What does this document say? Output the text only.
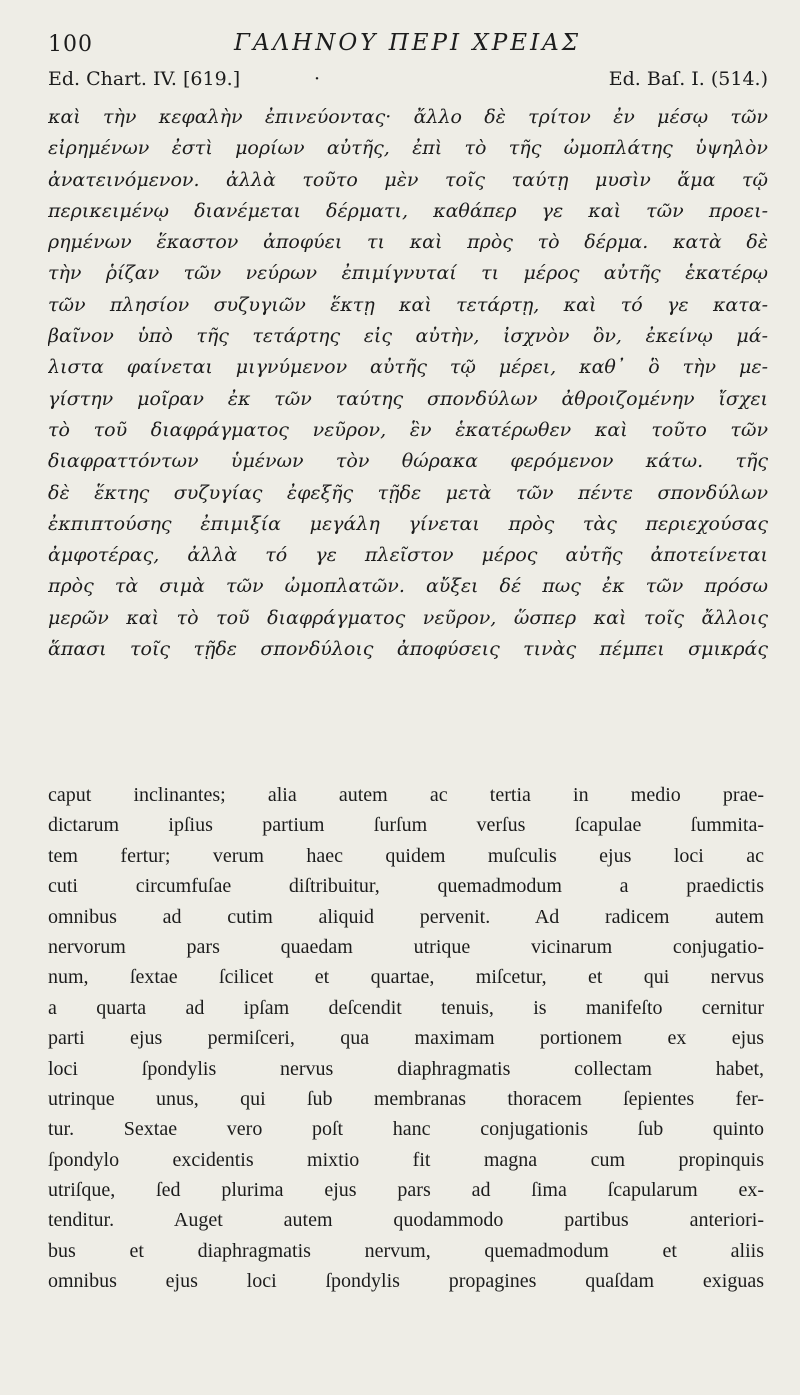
100	ΓΑΛΗΝΟΥ ΠΕΡΙ ΧΡΕΙΑΣ
Ed. Chart. IV. [619.]	·	Ed. Baſ. I. (514.)
καὶ τὴν κεφαλὴν ἐπινεύοντας· ἄλλο δὲ τρίτον ἐν μέσῳ τῶν
εἰρημένων ἐστὶ μορίων αὐτῆς, ἐπὶ τὸ τῆς ὠμοπλάτης ὑψηλὸν
ἀνατεινόμενον. ἀλλὰ τοῦτο μὲν τοῖς ταύτῃ μυσὶν ἅμα τῷ
περικειμένῳ διανέμεται δέρματι, καθάπερ γε καὶ τῶν προει-
ρημένων ἕκαστον ἀποφύει τι καὶ πρὸς τὸ δέρμα. κατὰ δὲ
τὴν ῥίζαν τῶν νεύρων ἐπιμίγνυταί τι μέρος αὐτῆς ἑκατέρῳ
τῶν πλησίον συζυγιῶν ἕκτῃ καὶ τετάρτῃ, καὶ τό γε κατα-
βαῖνον ὑπὸ τῆς τετάρτης εἰς αὐτὴν, ἰσχνὸν ὂν, ἐκείνῳ μά-
λιστα φαίνεται μιγνύμενον αὐτῆς τῷ μέρει, καθ᾿ ὃ τὴν με-
γίστην μοῖραν ἐκ τῶν ταύτης σπονδύλων ἀθροιζομένην ἴσχει
τὸ τοῦ διαφράγματος νεῦρον, ἓν ἑκατέρωθεν καὶ τοῦτο τῶν
διαφραττόντων ὑμένων τὸν θώρακα φερόμενον κάτω. τῆς
δὲ ἕκτης συζυγίας ἐφεξῆς τῇδε μετὰ τῶν πέντε σπονδύλων
ἐκπιπτούσης ἐπιμιξία μεγάλη γίνεται πρὸς τὰς περιεχούσας
ἀμφοτέρας, ἀλλὰ τό γε πλεῖστον μέρος αὐτῆς ἀποτείνεται
πρὸς τὰ σιμὰ τῶν ὠμοπλατῶν. αὔξει δέ πως ἐκ τῶν πρόσω
μερῶν καὶ τὸ τοῦ διαφράγματος νεῦρον, ὥσπερ καὶ τοῖς ἄλλοις
ἅπασι τοῖς τῇδε σπονδύλοις ἀποφύσεις τινὰς πέμπει σμικράς
caput inclinantes; alia autem ac tertia in medio prae-
dictarum ipſius partium ſurſum verſus ſcapulae ſummita-
tem fertur; verum haec quidem muſculis ejus loci ac
cuti circumfuſae diſtribuitur, quemadmodum a praedictis
omnibus ad cutim aliquid pervenit. Ad radicem autem
nervorum pars quaedam utrique vicinarum conjugatio-
num, ſextae ſcilicet et quartae, miſcetur, et qui nervus
a quarta ad ipſam deſcendit tenuis, is manifeſto cernitur
parti ejus permiſceri, qua maximam portionem ex ejus
loci ſpondylis nervus diaphragmatis collectam habet,
utrinque unus, qui ſub membranas thoracem ſepientes fer-
tur. Sextae vero poſt hanc conjugationis ſub quinto
ſpondylo excidentis mixtio fit magna cum propinquis
utriſque, ſed plurima ejus pars ad ſima ſcapularum ex-
tenditur. Auget autem quodammodo partibus anteriori-
bus et diaphragmatis nervum, quemadmodum et aliis
omnibus ejus loci ſpondylis propagines quaſdam exiguas
